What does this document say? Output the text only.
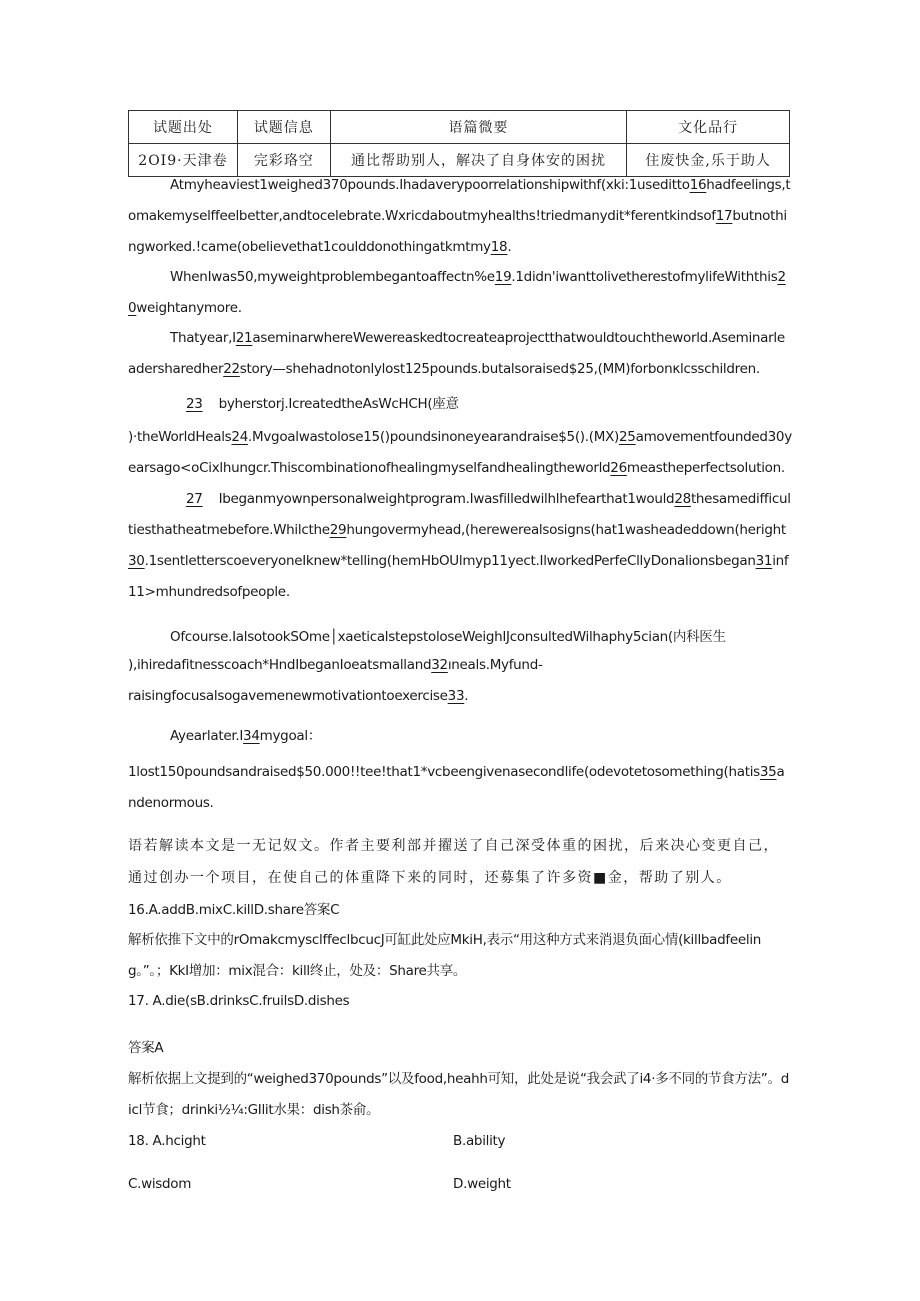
试题出处	试题信息	语篇微要	文化品行
2OI9·天津卷	完彩珞空	通比帮助别人，解决了自身体安的困扰	住废快金,乐于助人
Atmyheaviest1weighed370pounds.Ihadaverypoorrelationshipwithf(xki:1useditto16hadfeelings,tomakemyselffeelbetter,andtocelebrate.Wxricdaboutmyhealths!triedmanydit*ferentkindsof17butnothingworked.!came(obelievethat1coulddonothingatkmtmy18.
WhenIwas50,myweightproblembegantoaffectn%e19.1didn'iwanttolivetherestofmylifeWiththis20weightanymore.
Thatyear,I21aseminarwhereWewereaskedtocreateaprojectthatwouldtouchtheworld.Aseminarleadersharedher22story—shehadnotonlylost125pounds.butalsoraised$25,(MM)forbonκlcsschildren.
23 byherstorj.IcreatedtheAsWcHCH(座意
)·theWorldHeals24.Mvgoalwastolose15()poundsinoneyearandraise$5().(MX)25amovementfounded30yearsago<oCixlhungcr.Thiscombinationofhealingmyselfandhealingtheworld26meastheperfectsolution.
27 Ibeganmyownpersonalweightprogram.Iwasfilledwilhlhefearthat1would28thesamedifficultiesthatheatmebefore.Whilcthe29hungovermyhead,(herewerealsosigns(hat1washeadeddown(heright30.1sentletterscoeveryoneIknew*telling(hemHbOUlmyp11yect.IlworkedPerfeCllyDonalionsbegan31inf11>mhundredsofpeople.
Ofcourse.IalsotookSOme│xaeticalstepstoloseWeighIJconsultedWilhaphy5cian(内科医生
),ihiredafitnesscoach*HndIbeganIoeatsmalland32ıneals.Myfund-
raisingfocusalsogavemenewmotivationtoexercise33.
Ayearlater.I34mygoal：
1lost150poundsandraised$50.000!!tee!that1*vcbeengivenasecondlife(odevotetosomething(hatis35andenormous.
语若解读本文是一无记奴文。作者主要利部并擢送了自己深受体重的困扰，后来决心变更自己，通过创办一个项目，在使自己的体重降下来的同时，还募集了许多资■金，帮助了别人。
16.A.addB.mixC.killD.share答案C
解析依推下文中的rOmakcmysclffeclbcucJ可缸此处应MkiH,表示“用这种方式来消退负面心情(killbadfeeling。”。；KkI增加：mix混合：kill终止，处及：Share共享。
17. A.die(sB.drinksC.fruilsD.dishes
答案A
解析依据上文提到的“weighed370pounds”以及food,heahh可知，此处是说“我会武了i4·多不同的节食方法”。dicl节食；drinki½¼:GIlit水果：dish茶俞。
18. A.hcight	B.ability
C.wisdom	D.weight
